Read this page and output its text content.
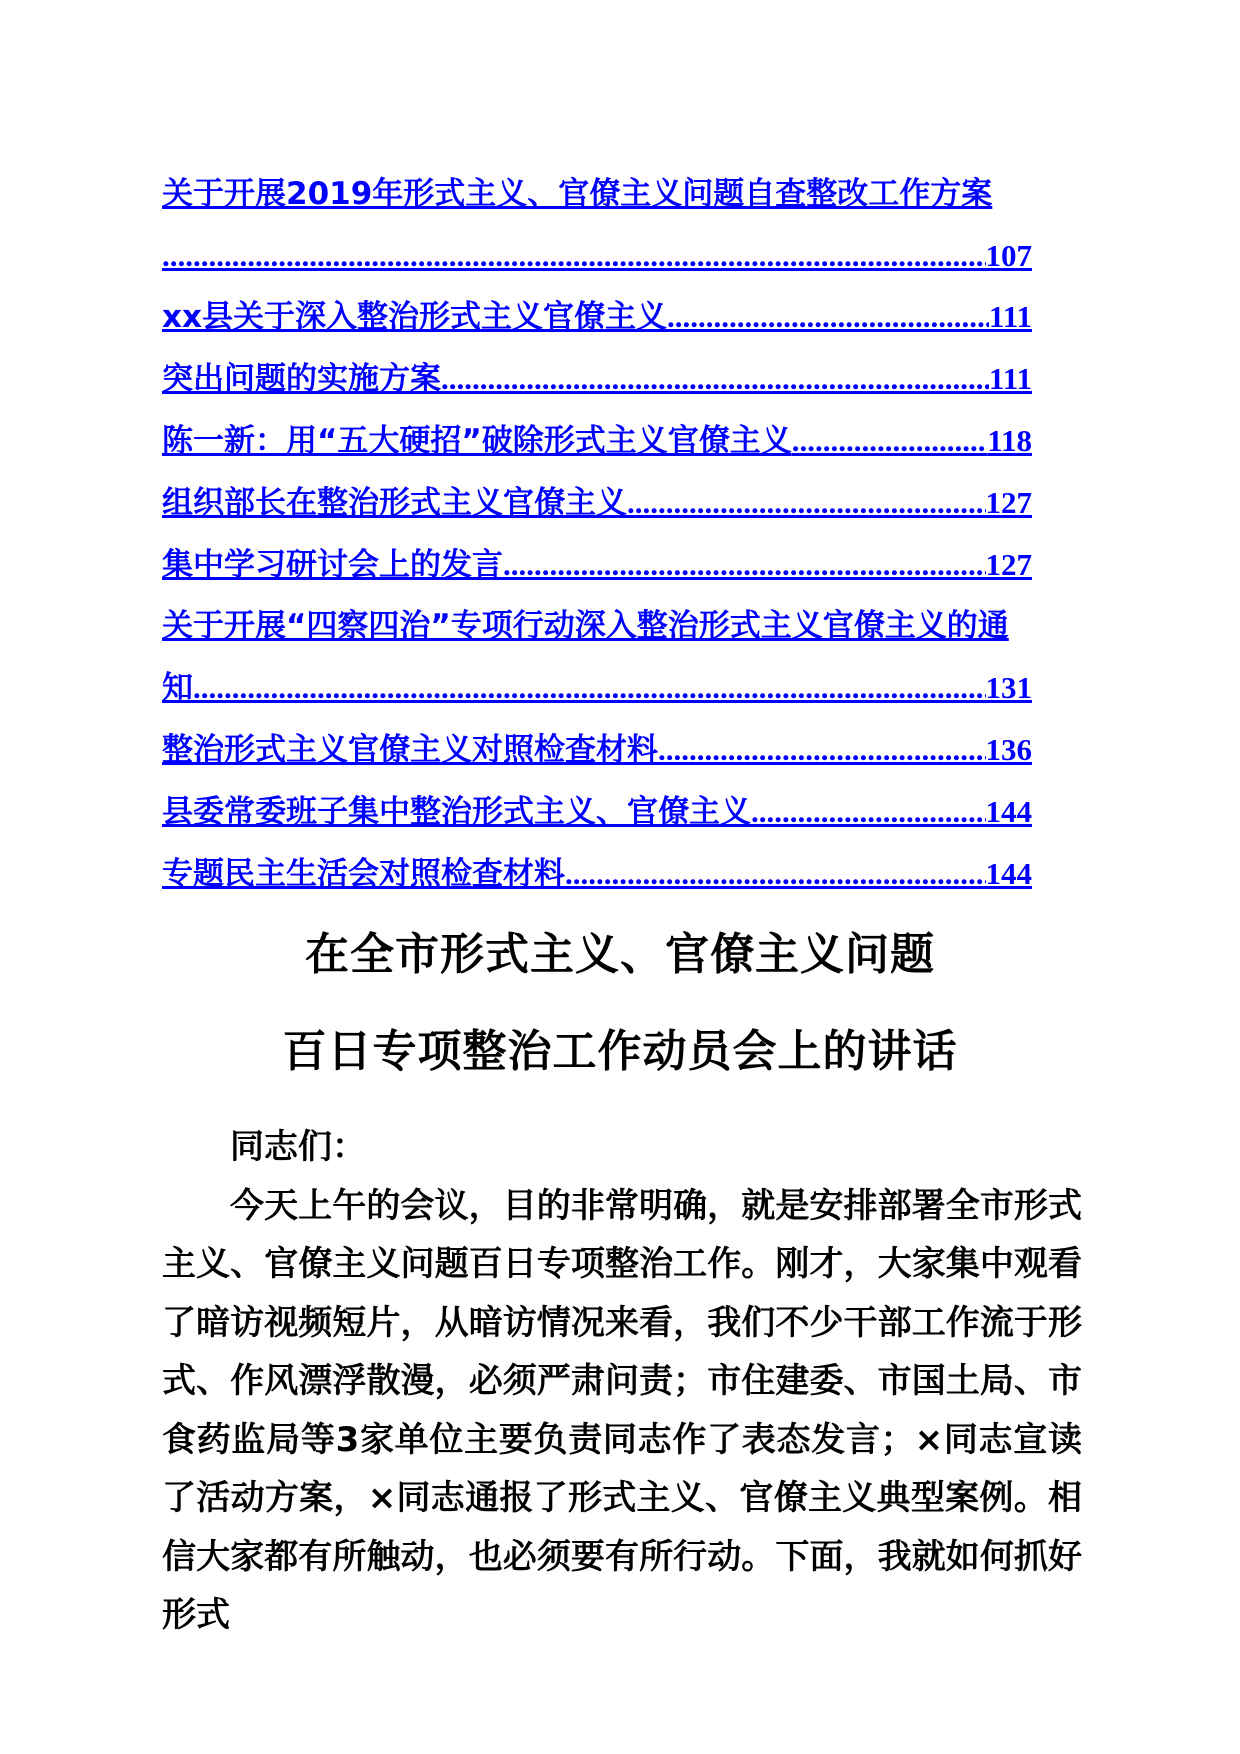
关于开展2019年形式主义、官僚主义问题自查整改工作方案
.....
107
xx县关于深入整治形式主义官僚主义 .....	111
突出问题的实施方案 .....	111
陈一新：用“五大硬招”破除形式主义官僚主义 .....	118
组织部长在整治形式主义官僚主义 .....	127
集中学习研讨会上的发言 .....	127
关于开展“四察四治”专项行动深入整治形式主义官僚主义的通
知 .....	131
整治形式主义官僚主义对照检查材料 .....	136
县委常委班子集中整治形式主义、官僚主义 .....	144
专题民主生活会对照检查材料 .....	144
在全市形式主义、官僚主义问题
百日专项整治工作动员会上的讲话

同志们：

今天上午的会议，目的非常明确，就是安排部署全市形式主义、官僚主义问题百日专项整治工作。刚才，大家集中观看了暗访视频短片，从暗访情况来看，我们不少干部工作流于形式、作风漂浮散漫，必须严肃问责；市住建委、市国土局、市食药监局等3家单位主要负责同志作了表态发言；×同志宣读了活动方案，×同志通报了形式主义、官僚主义典型案例。相信大家都有所触动，也必须要有所行动。下面，我就如何抓好形式
